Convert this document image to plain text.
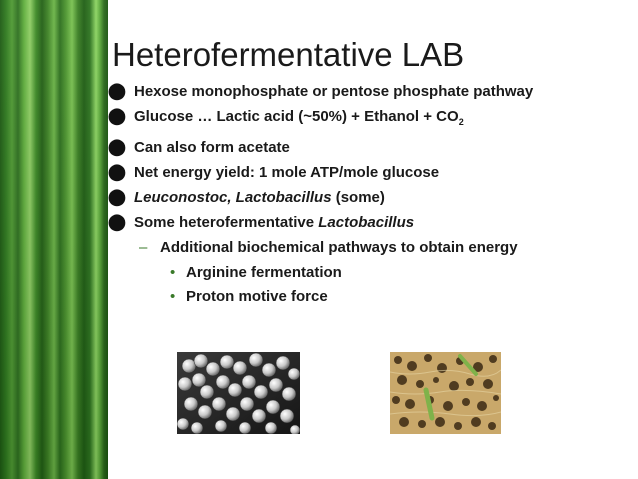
Heterofermentative LAB
⬤ Hexose monophosphate or pentose phosphate pathway
⬤ Glucose … Lactic acid (~50%) + Ethanol + $CO_2$
⬤ Can also form acetate
⬤ Net energy yield: 1 mole ATP/mole glucose
⬤ Leuconostoc, Lactobacillus (some)
⬤ Some heterofermentative Lactobacillus
– Additional biochemical pathways to obtain energy
• Arginine fermentation
• Proton motive force
